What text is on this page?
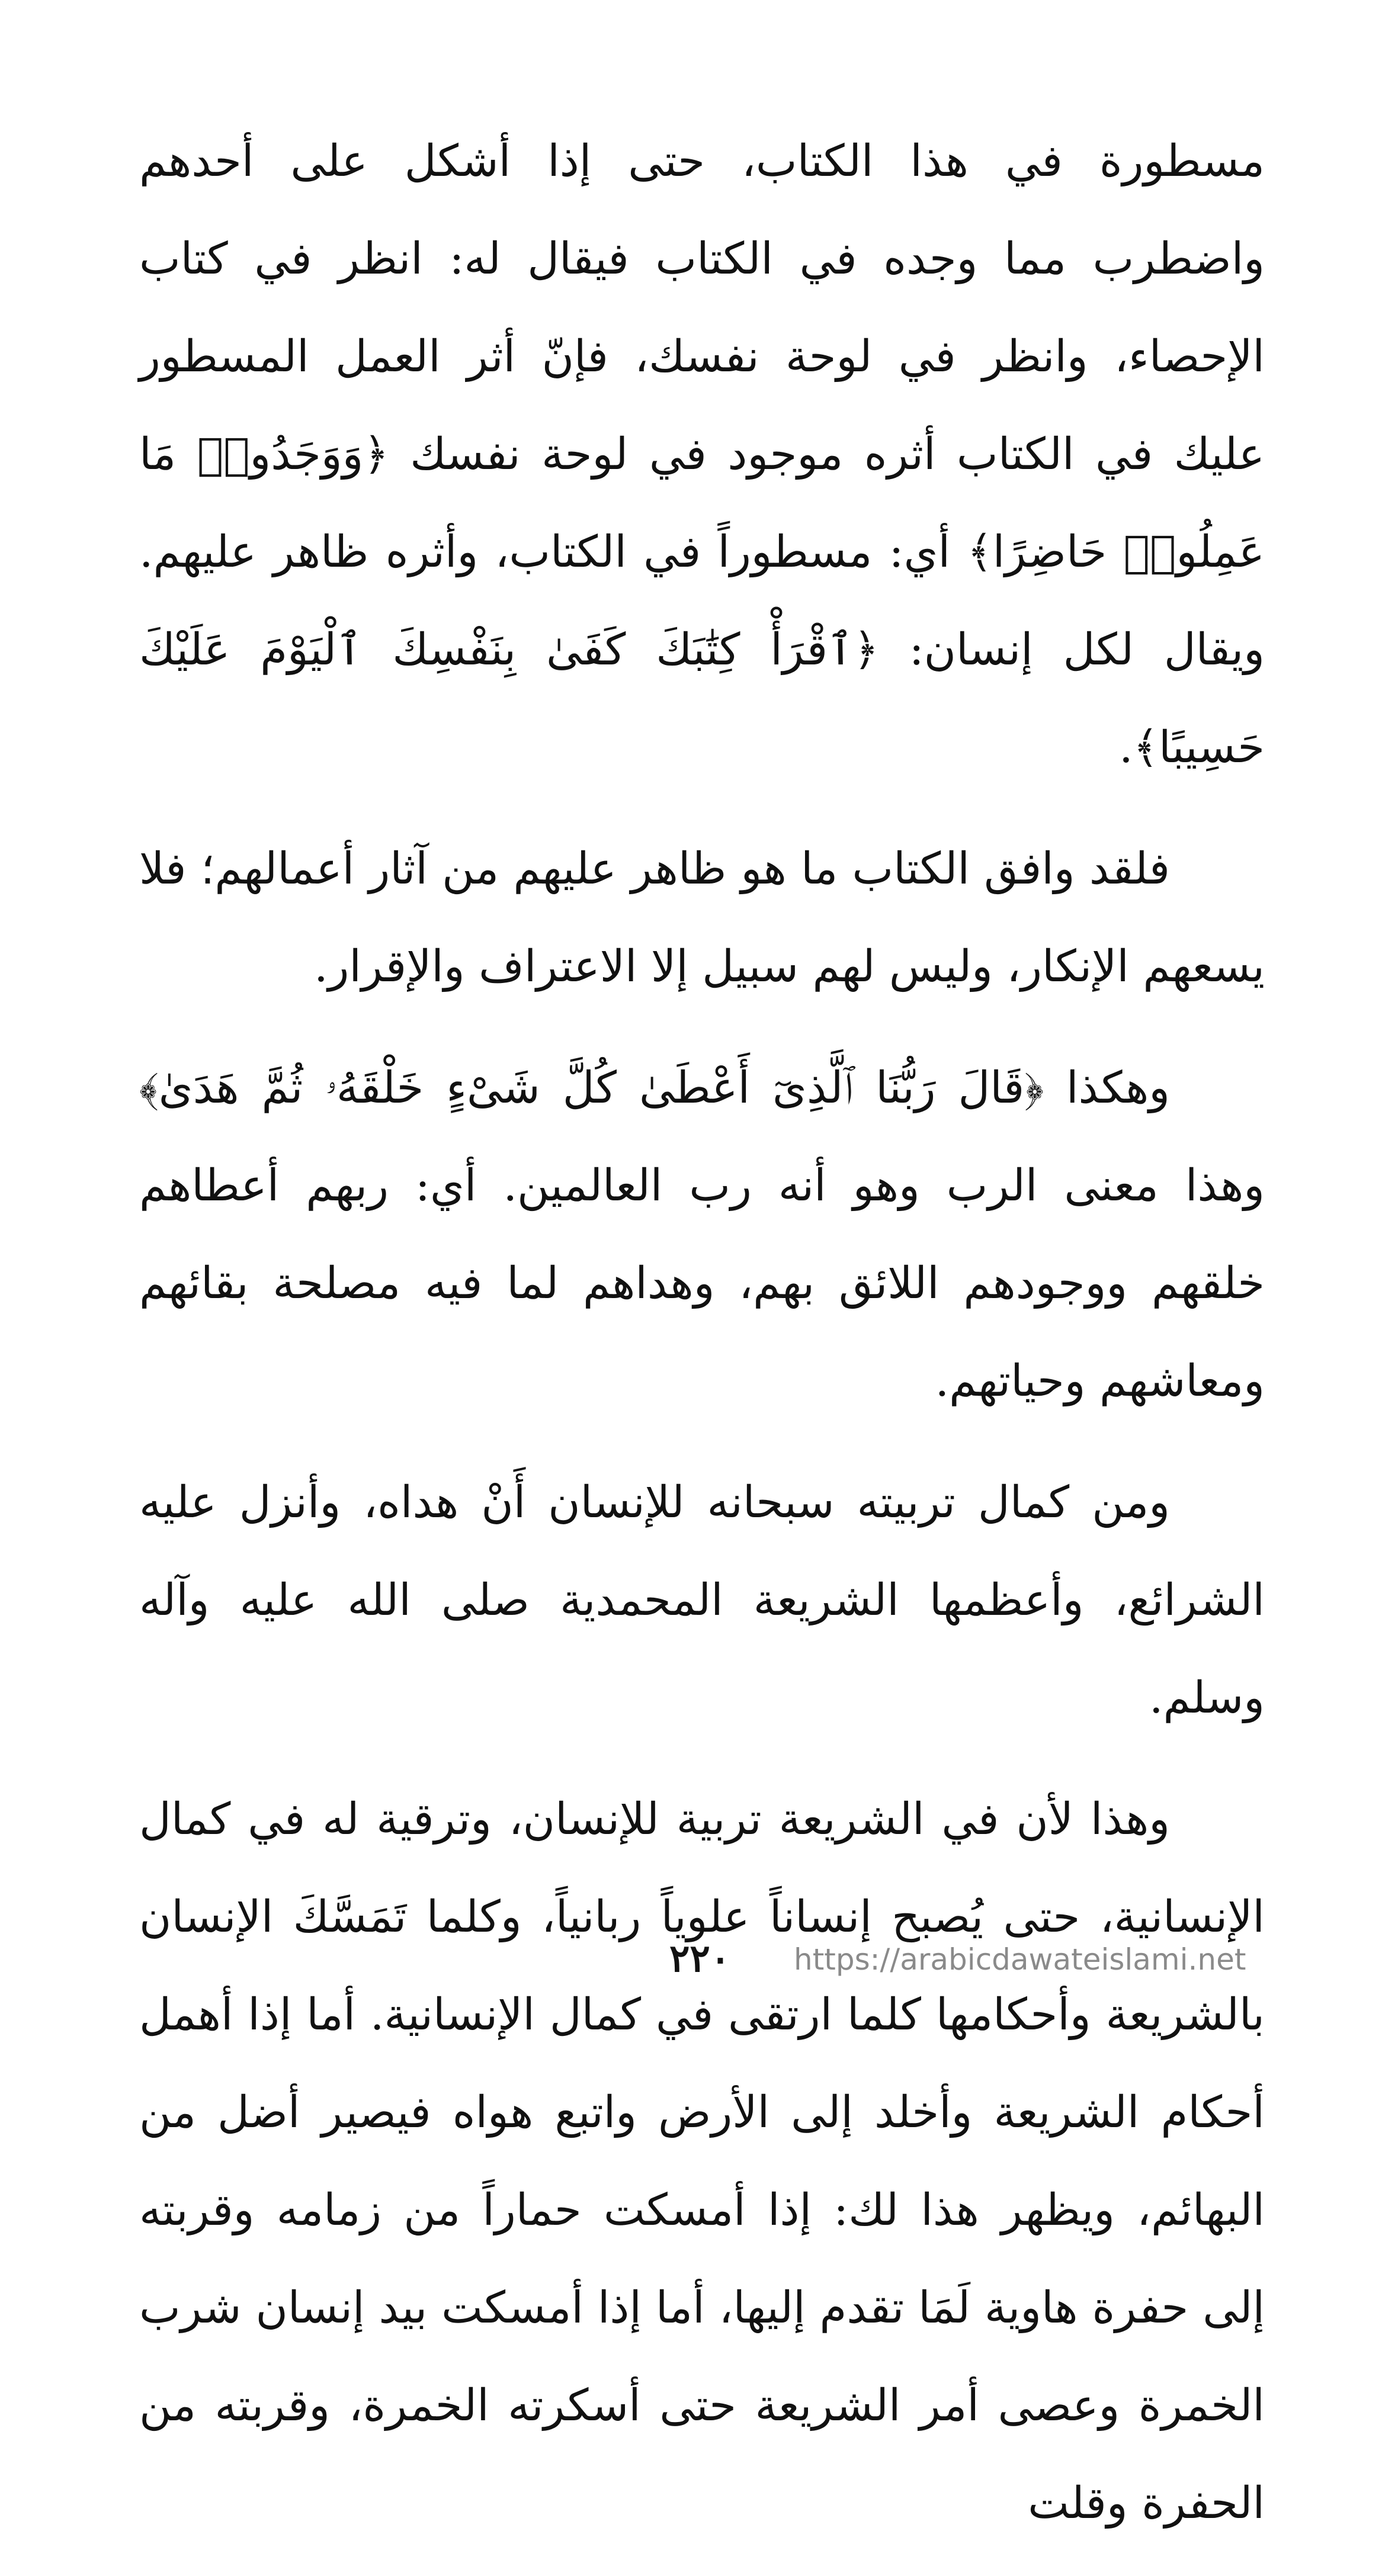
مسطورة في هذا الكتاب، حتى إذا أشكل على أحدهم واضطرب مما وجده في الكتاب فيقال له: انظر في كتاب الإحصاء، وانظر في لوحة نفسك، فإنّ أثر العمل المسطور عليك في الكتاب أثره موجود في لوحة نفسك ﴿وَوَجَدُوا۟ مَا عَمِلُوا۟ حَاضِرًا﴾ أي: مسطوراً في الكتاب، وأثره ظاهر عليهم. ويقال لكل إنسان: ﴿ٱقْرَأْ كِتَٰبَكَ كَفَىٰ بِنَفْسِكَ ٱلْيَوْمَ عَلَيْكَ حَسِيبًا﴾.

فلقد وافق الكتاب ما هو ظاهر عليهم من آثار أعمالهم؛ فلا يسعهم الإنكار، وليس لهم سبيل إلا الاعتراف والإقرار.

وهكذا ﴿قَالَ رَبُّنَا ٱلَّذِىٓ أَعْطَىٰ كُلَّ شَىْءٍ خَلْقَهُۥ ثُمَّ هَدَىٰ﴾ وهذا معنى الرب وهو أنه رب العالمين. أي: ربهم أعطاهم خلقهم ووجودهم اللائق بهم، وهداهم لما فيه مصلحة بقائهم ومعاشهم وحياتهم.

ومن كمال تربيته سبحانه للإنسان أَنْ هداه، وأنزل عليه الشرائع، وأعظمها الشريعة المحمدية صلى الله عليه وآله وسلم.

وهذا لأن في الشريعة تربية للإنسان، وترقية له في كمال الإنسانية، حتى يُصبح إنساناً علوياً ربانياً، وكلما تَمَسَّكَ الإنسان بالشريعة وأحكامها كلما ارتقى في كمال الإنسانية. أما إذا أهمل أحكام الشريعة وأخلد إلى الأرض واتبع هواه فيصير أضل من البهائم، ويظهر هذا لك: إذا أمسكت حماراً من زمامه وقربته إلى حفرة هاوية لَمَا تقدم إليها، أما إذا أمسكت بيد إنسان شرب الخمرة وعصى أمر الشريعة حتى أسكرته الخمرة، وقربته من الحفرة وقلت

٢٢٠ https://arabicdawateislami.net
